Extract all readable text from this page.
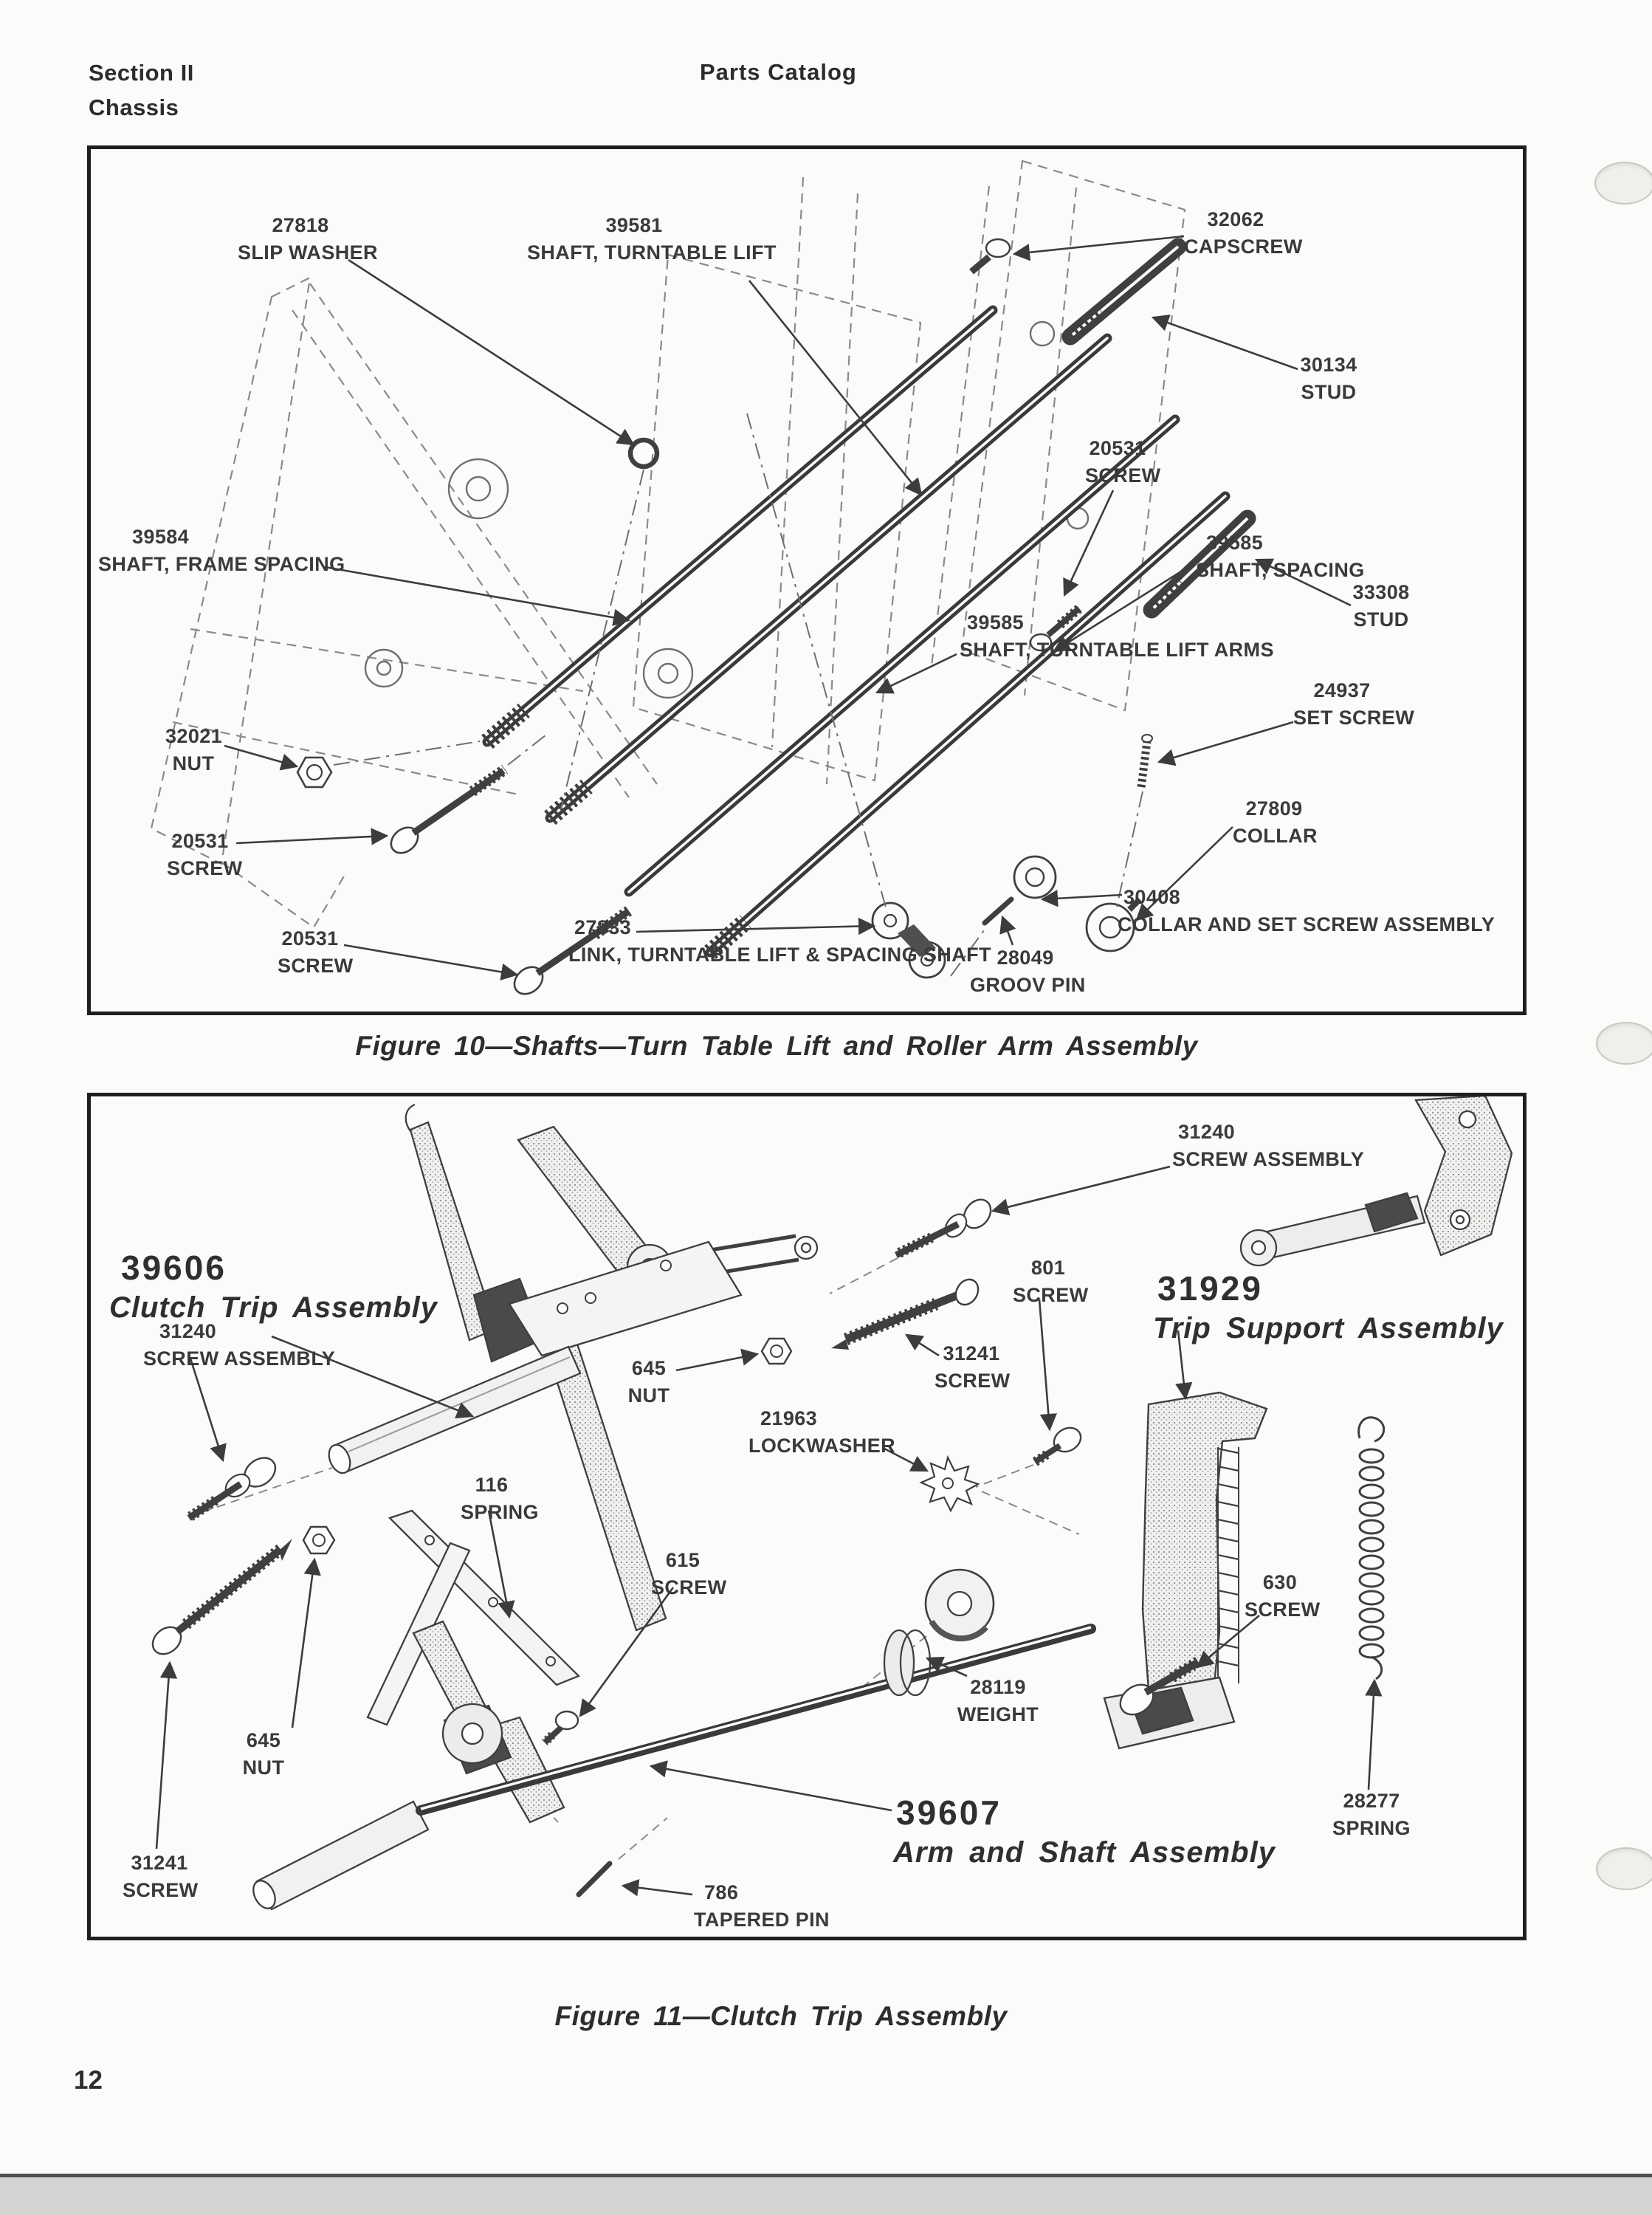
Section II
Chassis
Parts Catalog
27818
SLIP WASHER
39581
SHAFT, TURNTABLE LIFT
32062
CAPSCREW
30134
STUD
20531
SCREW
33308
STUD
39584
SHAFT, FRAME SPACING
39585
SHAFT, SPACING
39585
SHAFT, TURNTABLE LIFT ARMS
32021
NUT
24937
SET SCREW
27809
COLLAR
20531
SCREW
30408
COLLAR AND SET SCREW ASSEMBLY
20531
SCREW
27833
LINK, TURNTABLE LIFT & SPACING SHAFT 28049
GROOV PIN
Figure 10—Shafts—Turn Table Lift and Roller Arm Assembly
39606
Clutch Trip Assembly	31929
Trip Support Assembly
39607
Arm and Shaft Assembly
31240
SCREW ASSEMBLY
801
SCREW
31241
SCREW
31240
SCREW ASSEMBLY	645
NUT
21963
LOCKWASHER
116
SPRING
615
SCREW
645
NUT
31241
SCREW
28119
WEIGHT
630
SCREW
786
TAPERED PIN
28277
SPRING
Figure 11—Clutch Trip Assembly
12
